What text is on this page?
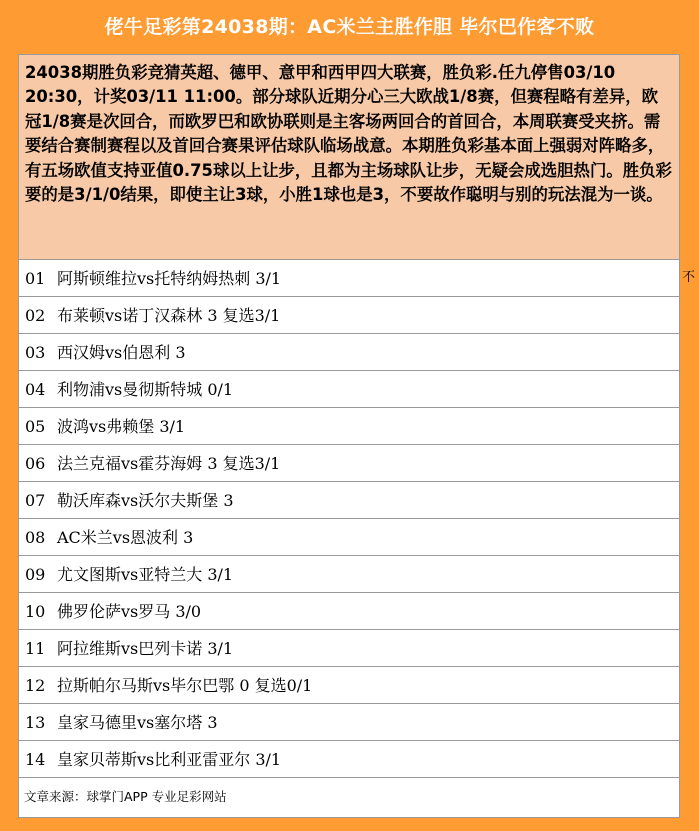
佬牛足彩第24038期：AC米兰主胜作胆 毕尔巴作客不败
24038期胜负彩竞猜英超、德甲、意甲和西甲四大联赛，胜负彩.任九停售03/10 20:30，计奖03/11 11:00。部分球队近期分心三大欧战1/8赛，但赛程略有差异，欧冠1/8赛是次回合，而欧罗巴和欧协联则是主客场两回合的首回合，本周联赛受夹挤。需要结合赛制赛程以及首回合赛果评估球队临场战意。本期胜负彩基本面上强弱对阵略多，有五场欧值支持亚值0.75球以上让步，且都为主场球队让步，无疑会成选胆热门。胜负彩要的是3/1/0结果，即使主让3球，小胜1球也是3，不要故作聪明与别的玩法混为一谈。
01 阿斯顿维拉vs托特纳姆热刺 3/1
02 布莱顿vs诺丁汉森林 3 复选3/1
03 西汉姆vs伯恩利 3
04 利物浦vs曼彻斯特城 0/1
05 波鸿vs弗赖堡 3/1
06 法兰克福vs霍芬海姆 3 复选3/1
07 勒沃库森vs沃尔夫斯堡 3
08 AC米兰vs恩波利 3
09 尤文图斯vs亚特兰大 3/1
10 佛罗伦萨vs罗马 3/0
11 阿拉维斯vs巴列卡诺 3/1
12 拉斯帕尔马斯vs毕尔巴鄂 0 复选0/1
13 皇家马德里vs塞尔塔 3
14 皇家贝蒂斯vs比利亚雷亚尔 3/1
文章来源：球掌门APP 专业足彩网站
不
